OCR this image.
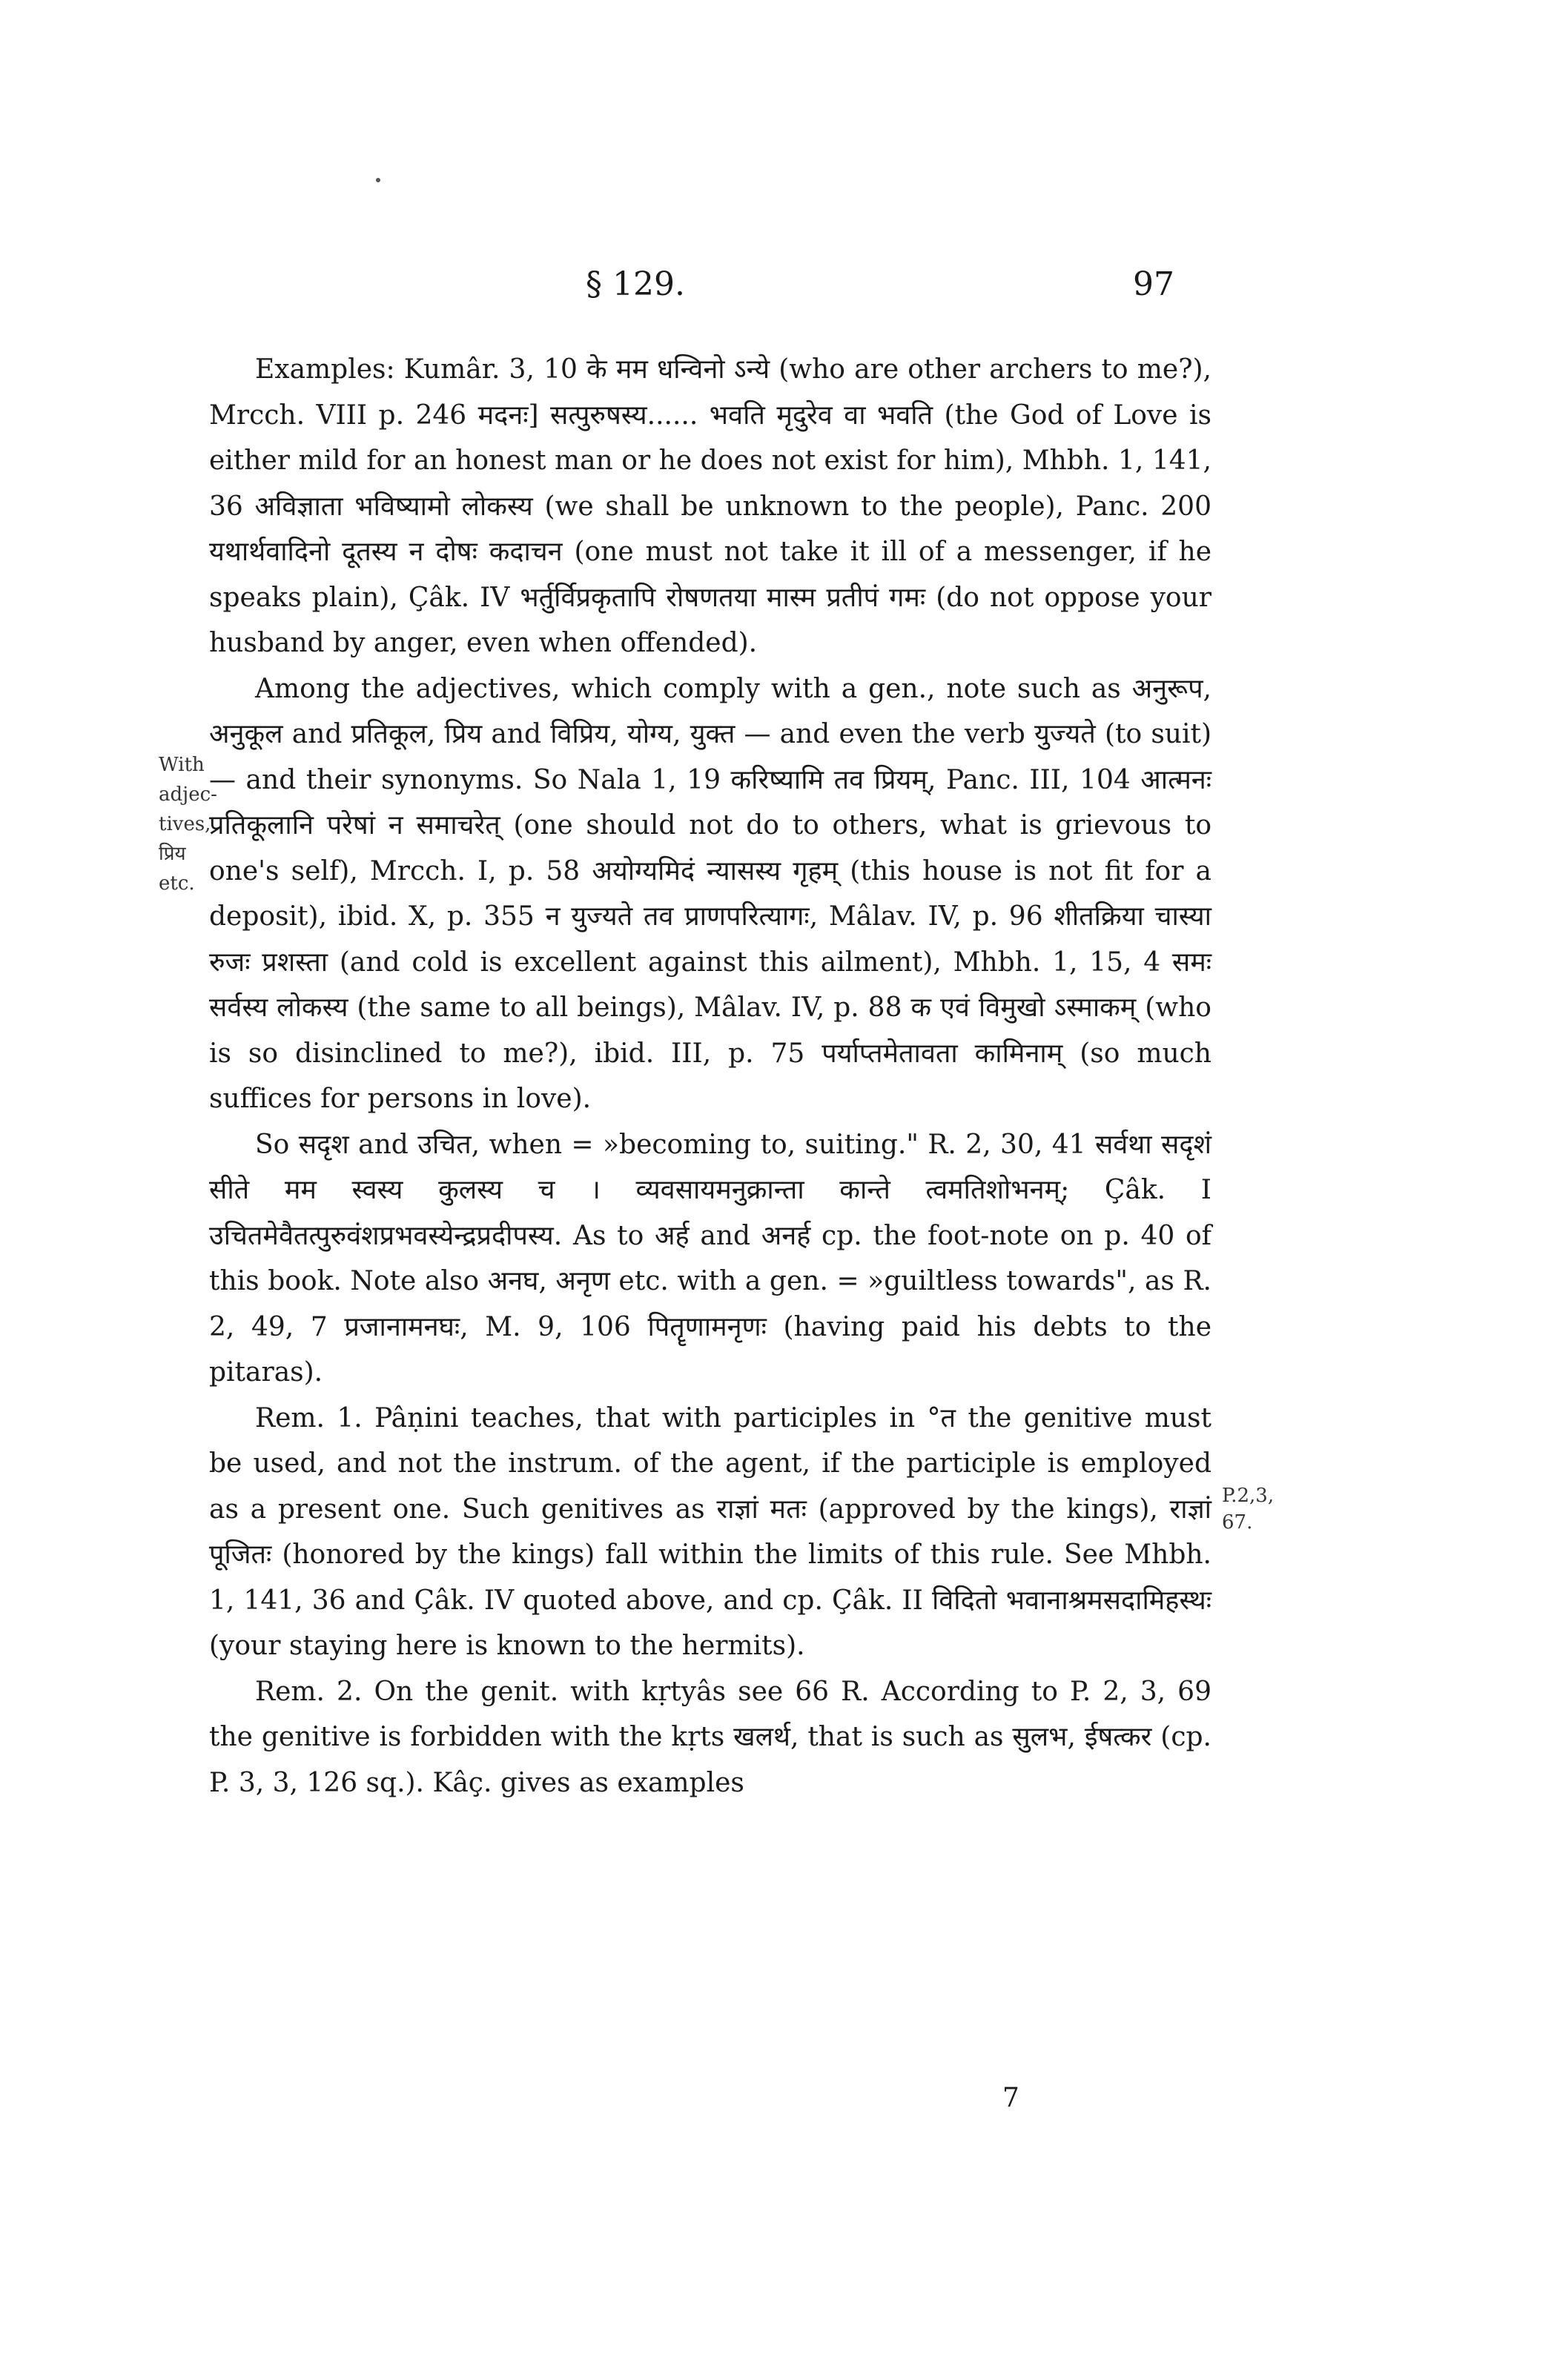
§ 129.	97
With
adjec-
tives,
प्रिय
etc.
P.2,3,
67.

Examples: Kumâr. 3, 10 के मम धन्विनो ऽन्ये (who are other archers to me?), Mrcch. VIII p. 246 मदनः] सत्पुरुषस्य...... भवति मृदुरेव वा भवति (the God of Love is either mild for an honest man or he does not exist for him), Mhbh. 1, 141, 36 अविज्ञाता भविष्यामो लोकस्य (we shall be unknown to the people), Panc. 200 यथार्थवादिनो दूतस्य न दोषः कदाचन (one must not take it ill of a messenger, if he speaks plain), Çâk. IV भर्तुर्विप्रकृतापि रोषणतया मास्म प्रतीपं गमः (do not oppose your husband by anger, even when offended).

Among the adjectives, which comply with a gen., note such as अनुरूप, अनुकूल and प्रतिकूल, प्रिय and विप्रिय, योग्य, युक्त — and even the verb युज्यते (to suit) — and their synonyms. So Nala 1, 19 करिष्यामि तव प्रियम्, Panc. III, 104 आत्मनः प्रतिकूलानि परेषां न समाचरेत् (one should not do to others, what is grievous to one's self), Mrcch. I, p. 58 अयोग्यमिदं न्यासस्य गृहम् (this house is not fit for a deposit), ibid. X, p. 355 न युज्यते तव प्राणपरित्यागः, Mâlav. IV, p. 96 शीतक्रिया चास्या रुजः प्रशस्ता (and cold is excellent against this ailment), Mhbh. 1, 15, 4 समः सर्वस्य लोकस्य (the same to all beings), Mâlav. IV, p. 88 क एवं विमुखो ऽस्माकम् (who is so disinclined to me?), ibid. III, p. 75 पर्याप्तमेतावता कामिनाम् (so much suffices for persons in love).

So सदृश and उचित, when = »becoming to, suiting." R. 2, 30, 41 सर्वथा सदृशं सीते मम स्वस्य कुलस्य च । व्यवसायमनुक्रान्ता कान्ते त्वमतिशोभनम्; Çâk. I उचितमेवैतत्पुरुवंशप्रभवस्येन्द्रप्रदीपस्य. As to अर्ह and अनर्ह cp. the foot-note on p. 40 of this book. Note also अनघ, अनृण etc. with a gen. = »guiltless towards", as R. 2, 49, 7 प्रजानामनघः, M. 9, 106 पितॄणामनृणः (having paid his debts to the pitaras).

Rem. 1. Pâṇini teaches, that with participles in °त the genitive must be used, and not the instrum. of the agent, if the participle is employed as a present one. Such genitives as राज्ञां मतः (approved by the kings), राज्ञां पूजितः (honored by the kings) fall within the limits of this rule. See Mhbh. 1, 141, 36 and Çâk. IV quoted above, and cp. Çâk. II विदितो भवानाश्रमसदामिहस्थः (your staying here is known to the hermits).

Rem. 2. On the genit. with kṛtyâs see 66 R. According to P. 2, 3, 69 the genitive is forbidden with the kṛts खलर्थ, that is such as सुलभ, ईषत्कर (cp. P. 3, 3, 126 sq.). Kâç. gives as examples

7
